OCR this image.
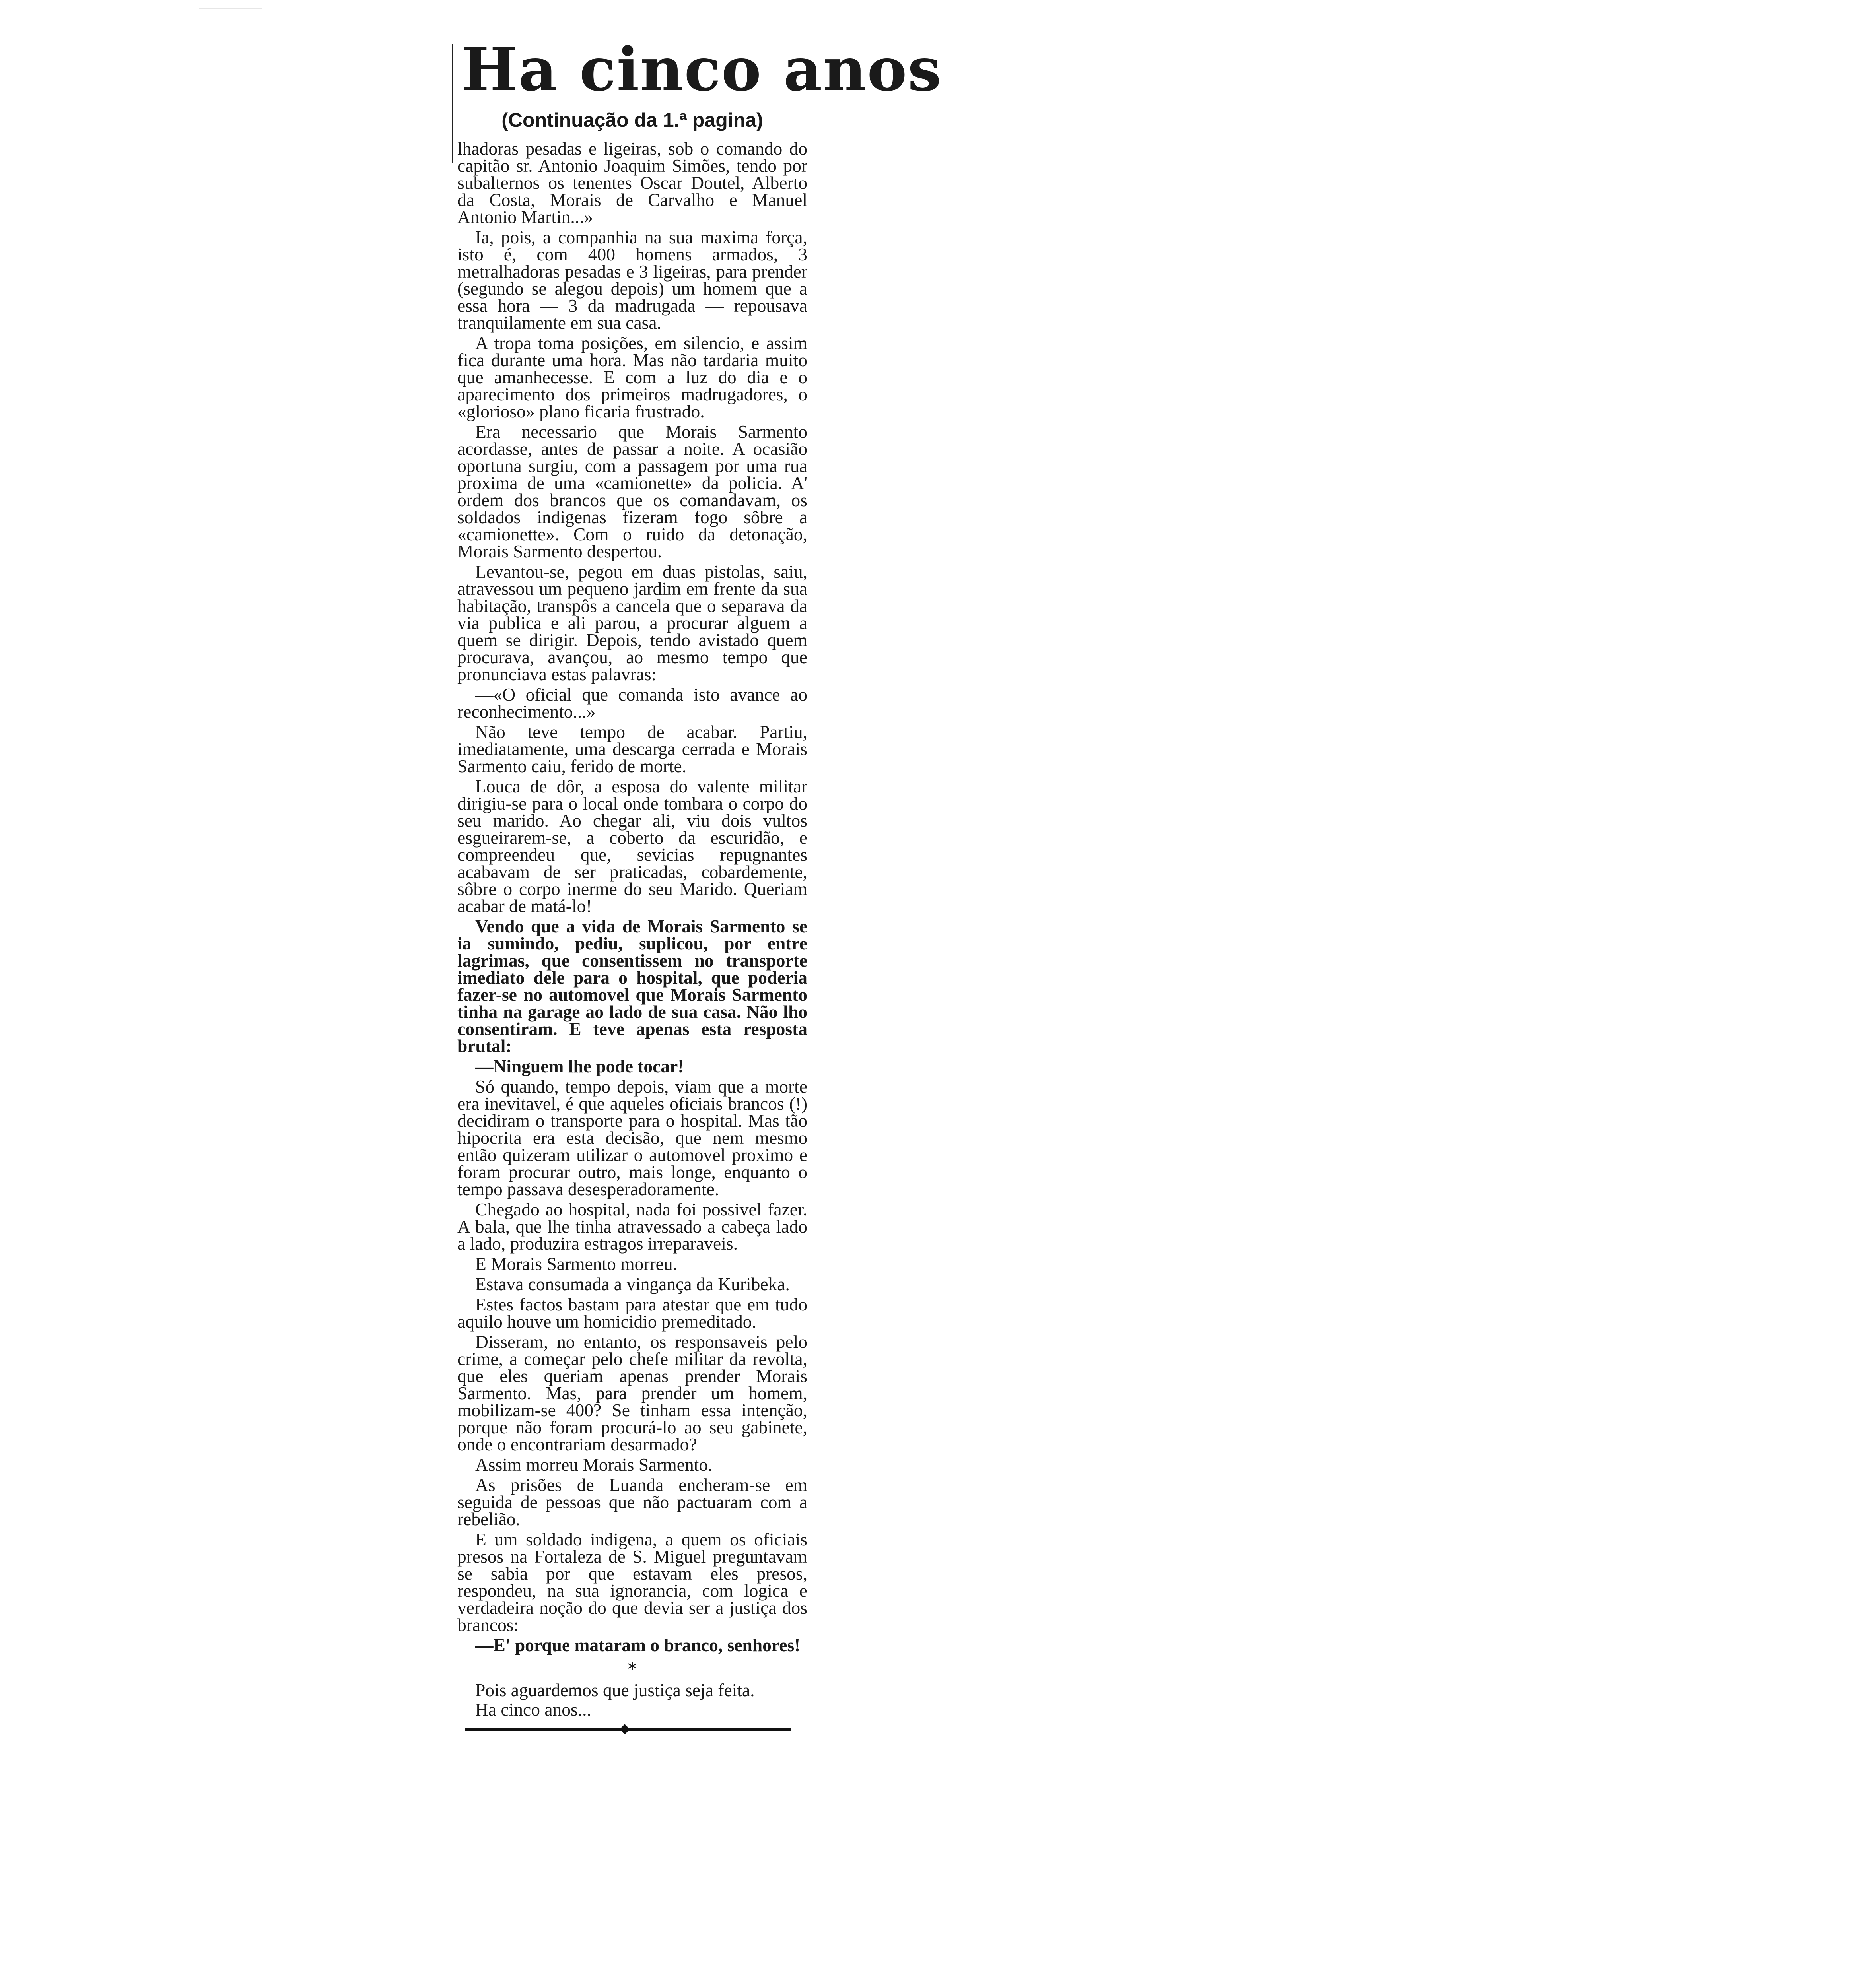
Ha cinco anos
(Continuação da 1.ª pagina)

lhadoras pesadas e ligeiras, sob o comando do capitão sr. Antonio Joaquim Simões, tendo por subalternos os tenentes Oscar Doutel, Alberto da Costa, Morais de Carvalho e Manuel Antonio Martin...»

Ia, pois, a companhia na sua maxima força, isto é, com 400 homens armados, 3 metralhadoras pesadas e 3 ligeiras, para prender (segundo se alegou depois) um homem que a essa hora — 3 da madrugada — repousava tranquilamente em sua casa.

A tropa toma posições, em silencio, e assim fica durante uma hora. Mas não tardaria muito que amanhecesse. E com a luz do dia e o aparecimento dos primeiros madrugadores, o «glorioso» plano ficaria frustrado.

Era necessario que Morais Sarmento acordasse, antes de passar a noite. A ocasião oportuna surgiu, com a passagem por uma rua proxima de uma «camionette» da policia. A' ordem dos brancos que os comandavam, os soldados indigenas fizeram fogo sôbre a «camionette». Com o ruido da detonação, Morais Sarmento despertou.

Levantou-se, pegou em duas pistolas, saiu, atravessou um pequeno jardim em frente da sua habitação, transpôs a cancela que o separava da via publica e ali parou, a procurar alguem a quem se dirigir. Depois, tendo avistado quem procurava, avançou, ao mesmo tempo que pronunciava estas palavras:

—«O oficial que comanda isto avance ao reconhecimento...»

Não teve tempo de acabar. Partiu, imediatamente, uma descarga cerrada e Morais Sarmento caiu, ferido de morte.

Louca de dôr, a esposa do valente militar dirigiu-se para o local onde tombara o corpo do seu marido. Ao chegar ali, viu dois vultos esgueirarem-se, a coberto da escuridão, e compreendeu que, sevicias repugnantes acabavam de ser praticadas, cobardemente, sôbre o corpo inerme do seu Marido. Queriam acabar de matá-lo!

Vendo que a vida de Morais Sarmento se ia sumindo, pediu, suplicou, por entre lagrimas, que consentissem no transporte imediato dele para o hospital, que poderia fazer-se no automovel que Morais Sarmento tinha na garage ao lado de sua casa. Não lho consentiram. E teve apenas esta resposta brutal:

—Ninguem lhe pode tocar!

Só quando, tempo depois, viam que a morte era inevitavel, é que aqueles oficiais brancos (!) decidiram o transporte para o hospital. Mas tão hipocrita era esta decisão, que nem mesmo então quizeram utilizar o automovel proximo e foram procurar outro, mais longe, enquanto o tempo passava desesperadoramente.

Chegado ao hospital, nada foi possivel fazer. A bala, que lhe tinha atravessado a cabeça lado a lado, produzira estragos irreparaveis.

E Morais Sarmento morreu.

Estava consumada a vingança da Kuribeka.

Estes factos bastam para atestar que em tudo aquilo houve um homicidio premeditado.

Disseram, no entanto, os responsaveis pelo crime, a começar pelo chefe militar da revolta, que eles queriam apenas prender Morais Sarmento. Mas, para prender um homem, mobilizam-se 400? Se tinham essa intenção, porque não foram procurá-lo ao seu gabinete, onde o encontrariam desarmado?

Assim morreu Morais Sarmento.

As prisões de Luanda encheram-se em seguida de pessoas que não pactuaram com a rebelião.

E um soldado indigena, a quem os oficiais presos na Fortaleza de S. Miguel preguntavam se sabia por que estavam eles presos, respondeu, na sua ignorancia, com logica e verdadeira noção do que devia ser a justiça dos brancos:

—E' porque mataram o branco, senhores!

*

Pois aguardemos que justiça seja feita.

Ha cinco anos...
